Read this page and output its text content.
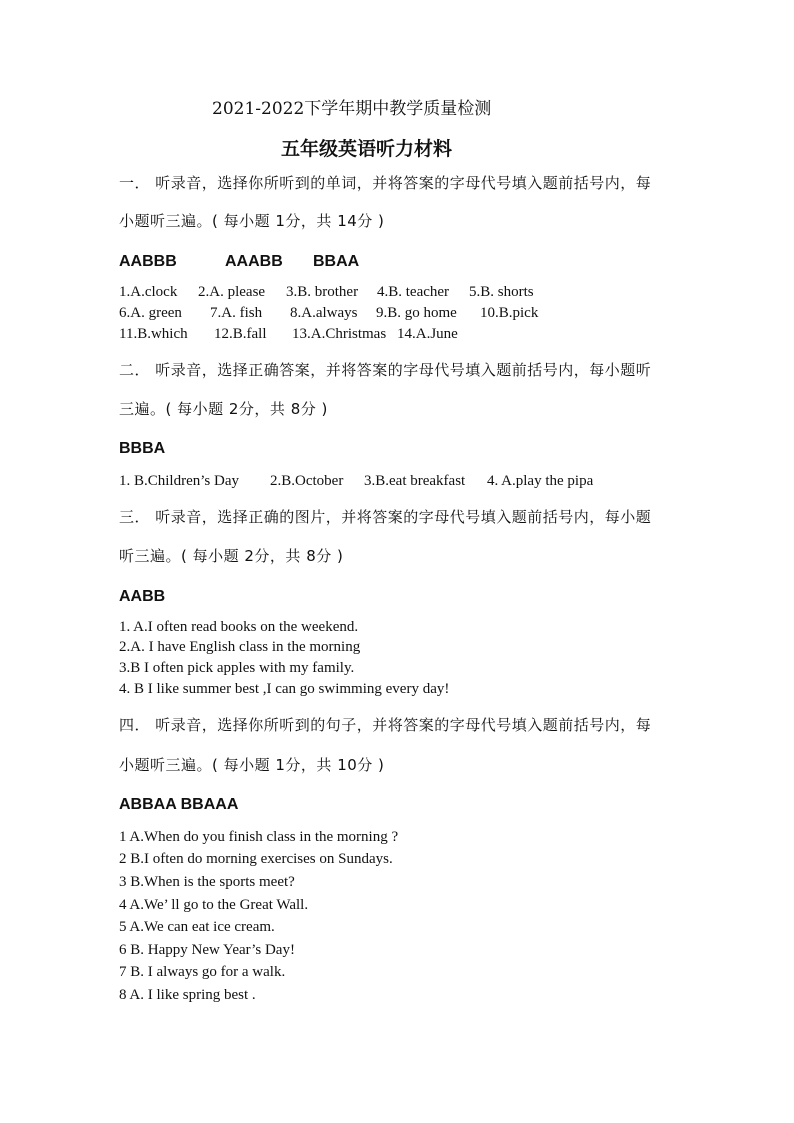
2021-2022下学年期中教学质量检测
五年级英语听力材料
一． 听录音，选择你所听到的单词，并将答案的字母代号填入题前括号内，每
小题听三遍。( 每小题 1分，共 14分 )
AABBB	AAABB BBAA
1.A.clock 2.A. please 3.B. brother 4.B. teacher 5.B. shorts
6.A. green 7.A. fish 8.A.always 9.B. go home 10.B.pick
11.B.which 12.B.fall 13.A.Christmas 14.A.June
二． 听录音，选择正确答案，并将答案的字母代号填入题前括号内，每小题听
三遍。( 每小题 2分，共 8分 )
BBBA
1. B.Children’s Day 2.B.October 3.B.eat breakfast 4. A.play the pipa
三． 听录音，选择正确的图片，并将答案的字母代号填入题前括号内，每小题
听三遍。( 每小题 2分，共 8分 )
AABB
1. A.I often read books on the weekend.
2.A. I have English class in the morning
3.B I often pick apples with my family.
4. B I like summer best ,I can go swimming every day!
四． 听录音，选择你所听到的句子，并将答案的字母代号填入题前括号内，每
小题听三遍。( 每小题 1分，共 10分 )
ABBAA BBAAA
1 A.When do you finish class in the morning ?
2 B.I often do morning exercises on Sundays.
3 B.When is the sports meet?
4 A.We’ ll go to the Great Wall.
5 A.We can eat ice cream.
6 B. Happy New Year’s Day!
7 B. I always go for a walk.
8 A. I like spring best .
